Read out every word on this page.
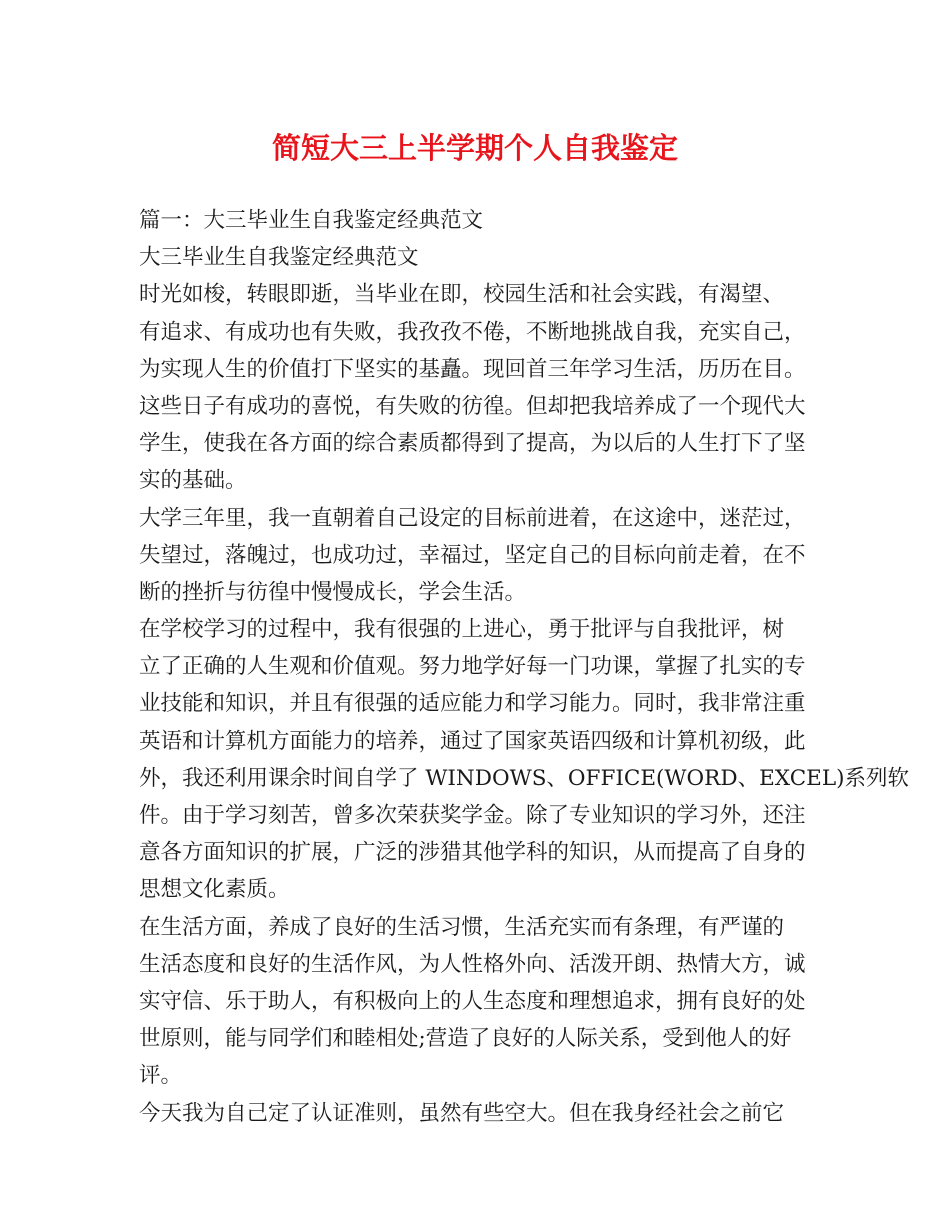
简短大三上半学期个人自我鉴定
篇一：大三毕业生自我鉴定经典范文
大三毕业生自我鉴定经典范文
时光如梭，转眼即逝，当毕业在即，校园生活和社会实践，有渴望、
有追求、有成功也有失败，我孜孜不倦，不断地挑战自我，充实自己，
为实现人生的价值打下坚实的基矗。现回首三年学习生活，历历在目。
这些日子有成功的喜悦，有失败的彷徨。但却把我培养成了一个现代大
学生，使我在各方面的综合素质都得到了提高，为以后的人生打下了坚
实的基础。
大学三年里，我一直朝着自己设定的目标前进着，在这途中，迷茫过，
失望过，落魄过，也成功过，幸福过，坚定自己的目标向前走着，在不
断的挫折与彷徨中慢慢成长，学会生活。
在学校学习的过程中，我有很强的上进心，勇于批评与自我批评，树
立了正确的人生观和价值观。努力地学好每一门功课，掌握了扎实的专
业技能和知识，并且有很强的适应能力和学习能力。同时，我非常注重
英语和计算机方面能力的培养，通过了国家英语四级和计算机初级，此
外，我还利用课余时间自学了 WINDOWS、OFFICE(WORD、EXCEL)系列软
件。由于学习刻苦，曾多次荣获奖学金。除了专业知识的学习外，还注
意各方面知识的扩展，广泛的涉猎其他学科的知识，从而提高了自身的
思想文化素质。
在生活方面，养成了良好的生活习惯，生活充实而有条理，有严谨的
生活态度和良好的生活作风，为人性格外向、活泼开朗、热情大方，诚
实守信、乐于助人，有积极向上的人生态度和理想追求，拥有良好的处
世原则，能与同学们和睦相处;营造了良好的人际关系，受到他人的好
评。
今天我为自己定了认证准则，虽然有些空大。但在我身经社会之前它
